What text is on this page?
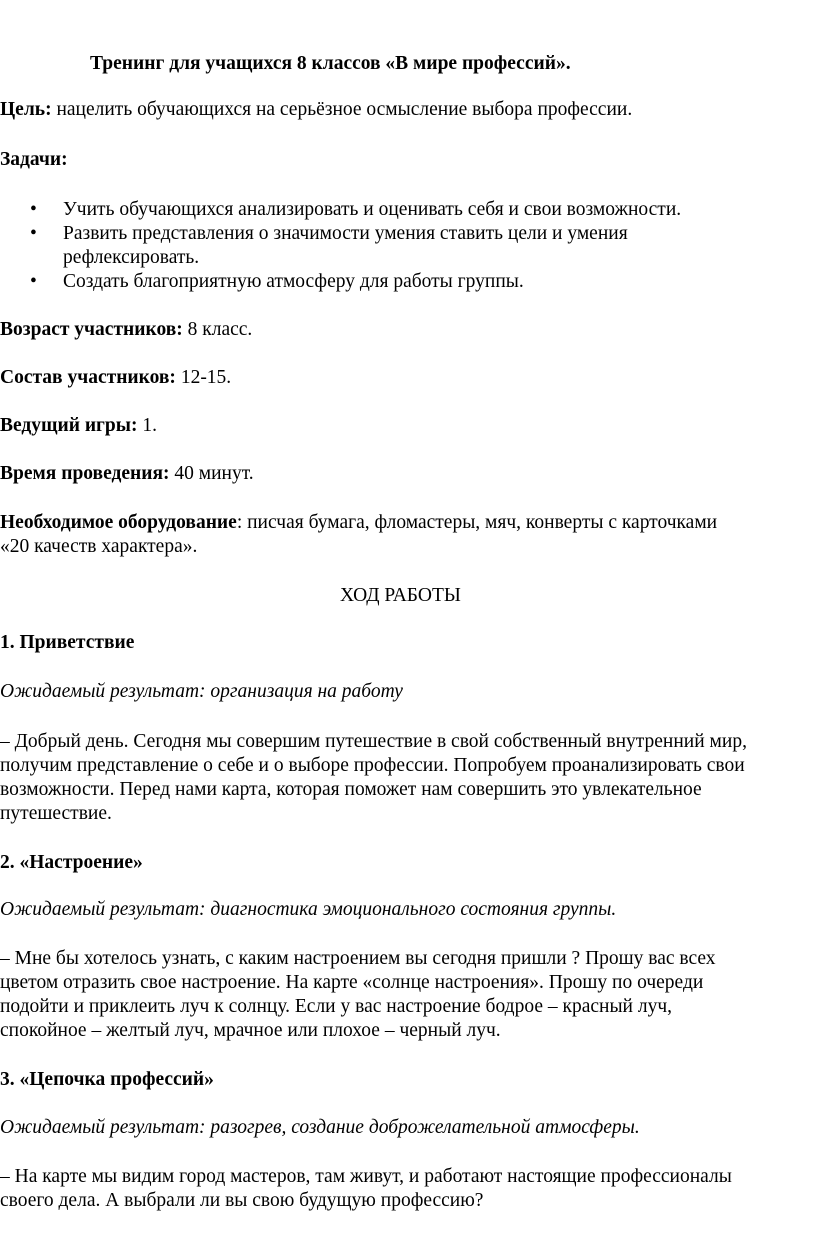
Тренинг для учащихся 8 классов «В мире профессий».
Цель: нацелить обучающихся на серьёзное осмысление выбора профессии.
Задачи:
• Учить обучающихся анализировать и оценивать себя и свои возможности.
• Развить представления о значимости умения ставить цели и умения
рефлексировать.
• Создать благоприятную атмосферу для работы группы.
Возраст участников: 8 класс.
Состав участников: 12-15.
Ведущий игры: 1.
Время проведения: 40 минут.
Необходимое оборудование: писчая бумага, фломастеры, мяч, конверты с карточками
«20 качеств характера».
ХОД РАБОТЫ
1. Приветствие
Ожидаемый результат: организация на работу
– Добрый день. Сегодня мы совершим путешествие в свой собственный внутренний мир,
получим представление о себе и о выборе профессии. Попробуем проанализировать свои
возможности. Перед нами карта, которая поможет нам совершить это увлекательное
путешествие.
2. «Настроение»
Ожидаемый результат: диагностика эмоционального состояния группы.
– Мне бы хотелось узнать, с каким настроением вы сегодня пришли ? Прошу вас всех
цветом отразить свое настроение. На карте «солнце настроения». Прошу по очереди
подойти и приклеить луч к солнцу. Если у вас настроение бодрое – красный луч,
спокойное – желтый луч, мрачное или плохое – черный луч.
3. «Цепочка профессий»
Ожидаемый результат: разогрев, создание доброжелательной атмосферы.
– На карте мы видим город мастеров, там живут, и работают настоящие профессионалы
своего дела. А выбрали ли вы свою будущую профессию?
